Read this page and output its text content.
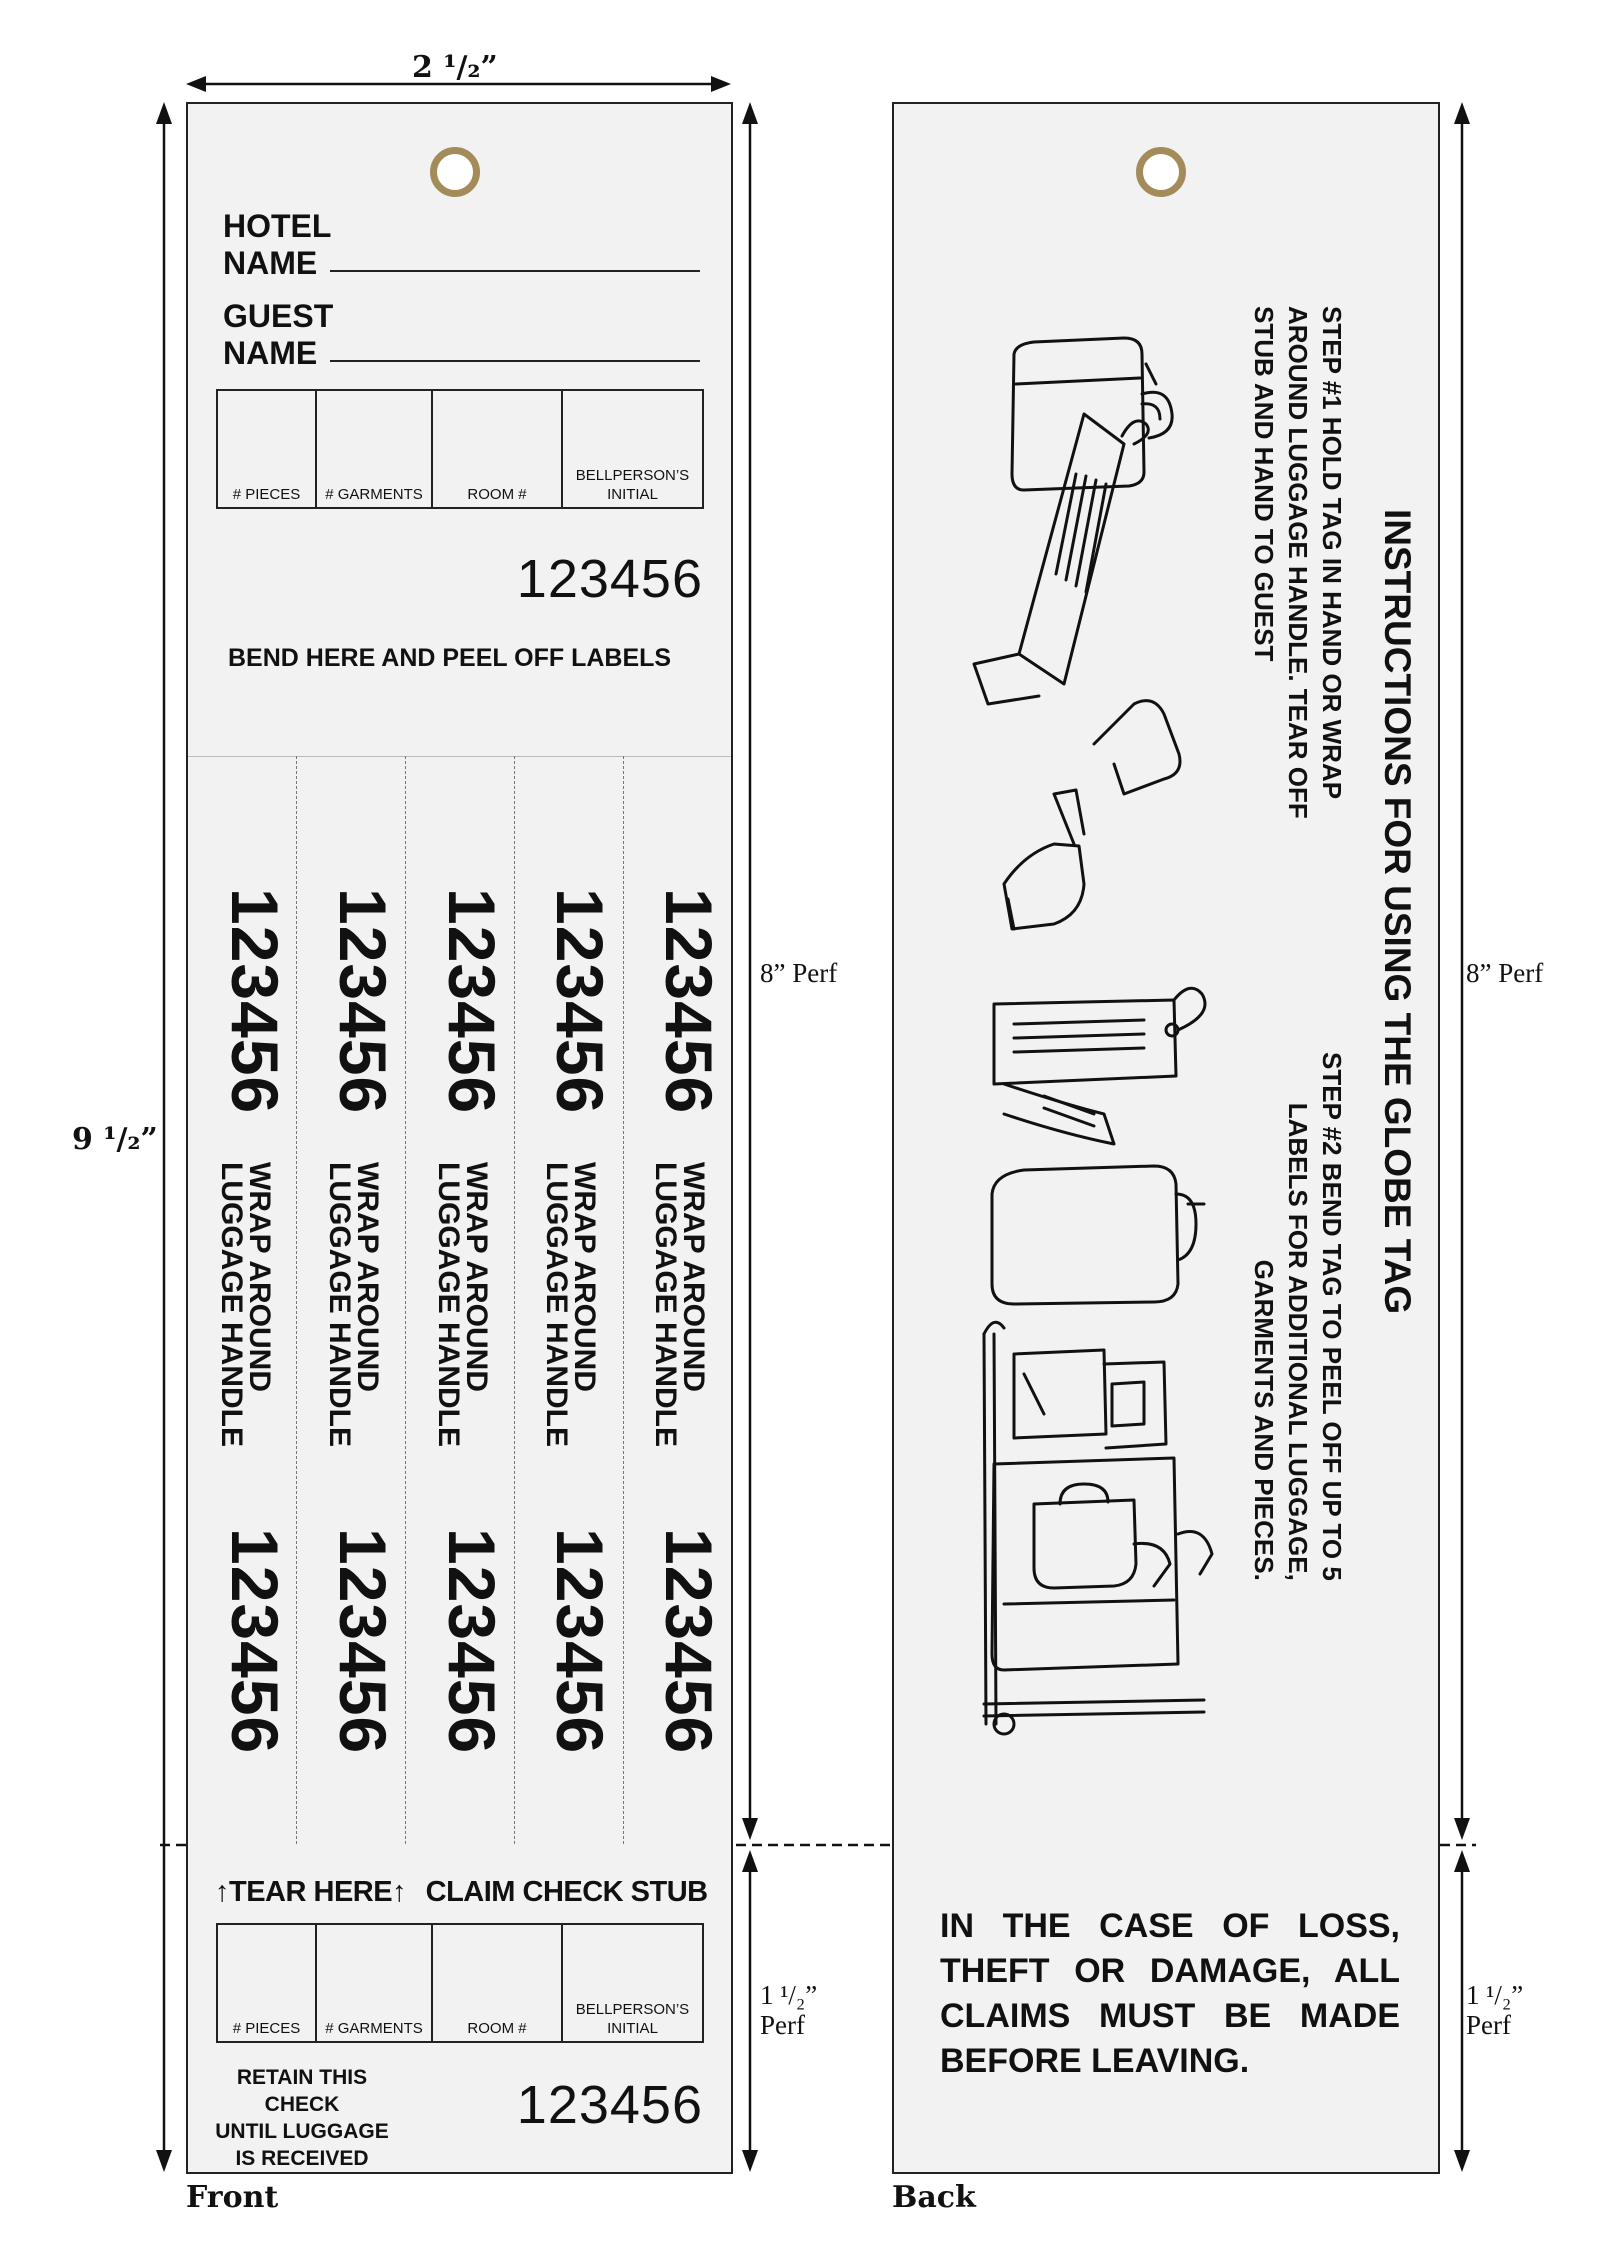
2 ¹/₂”
9 ¹/₂”
8” Perf
1 ¹/₂”
Perf
8” Perf
1 ¹/₂”
Perf
HOTEL
NAME
GUEST
NAME
# PIECES	# GARMENTS	ROOM #	
BELLPERSON’S
INITIAL
123456
BEND HERE AND PEEL OFF LABELS
123456
WRAP AROUND
LUGGAGE HANDLE
123456
123456
WRAP AROUND
LUGGAGE HANDLE
123456
123456
WRAP AROUND
LUGGAGE HANDLE
123456
123456
WRAP AROUND
LUGGAGE HANDLE
123456
123456
WRAP AROUND
LUGGAGE HANDLE
123456
↑TEAR HERE↑ CLAIM CHECK STUB
# PIECES	# GARMENTS	ROOM #	
BELLPERSON’S
INITIAL
RETAIN THIS CHECK
UNTIL LUGGAGE
IS RECEIVED
123456
Front
INSTRUCTIONS FOR USING THE GLOBE TAG
STEP #1 HOLD TAG IN HAND OR WRAP
AROUND LUGGAGE HANDLE. TEAR OFF
STUB AND HAND TO GUEST
STEP #2 BEND TAG TO PEEL OFF UP TO 5
LABELS FOR ADDITIONAL LUGGAGE,
GARMENTS AND PIECES.
IN THE CASE OF LOSS,
THEFT OR DAMAGE, ALL
CLAIMS MUST BE MADE
BEFORE LEAVING.
Back
